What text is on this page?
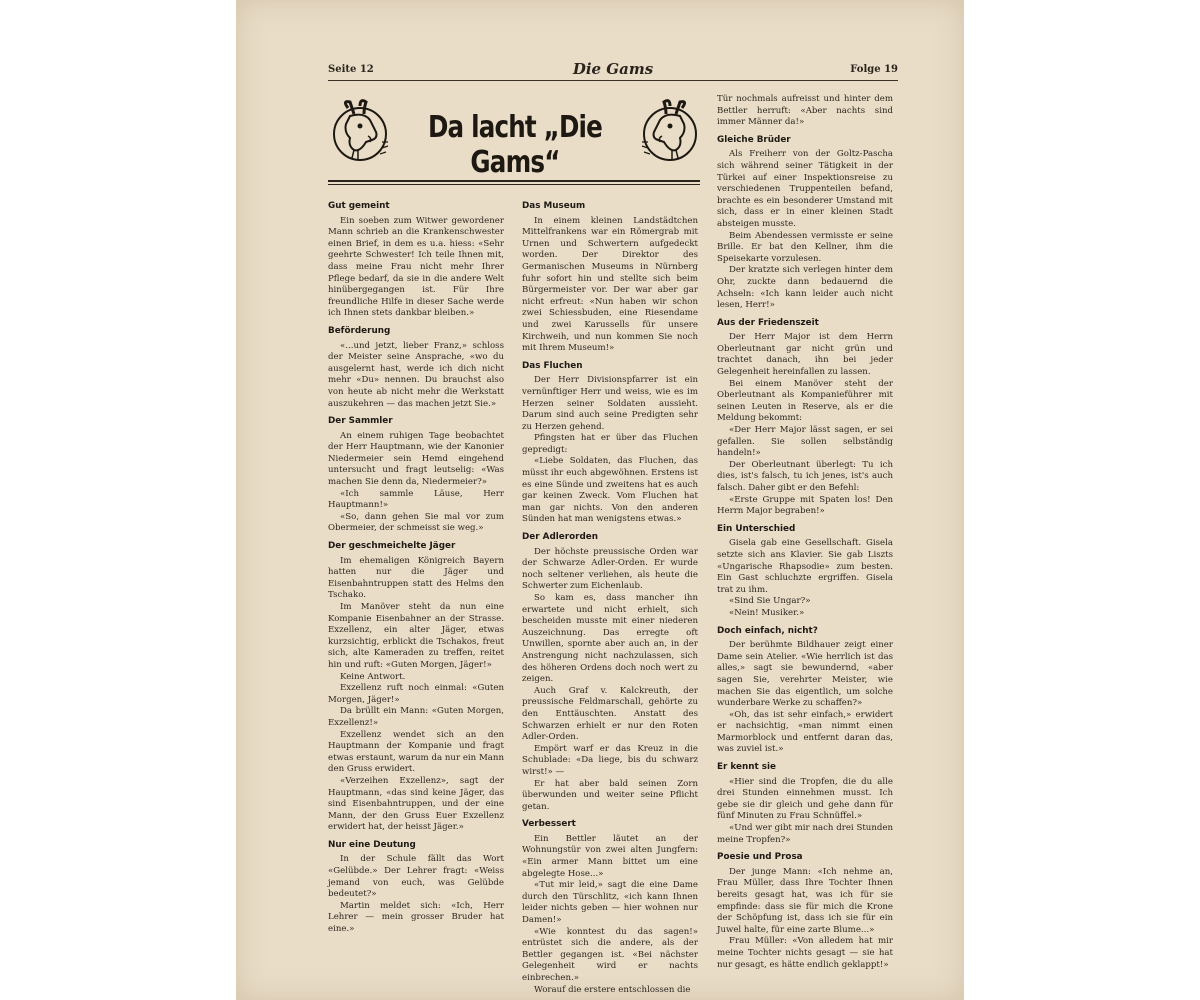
Seite 12	Die Gams	Folge 19
Da lacht „Die Gams“
Gut gemeint

Ein soeben zum Witwer gewordener Mann schrieb an die Krankenschwester einen Brief, in dem es u.a. hiess: «Sehr geehrte Schwester! Ich teile Ihnen mit, dass meine Frau nicht mehr Ihrer Pflege bedarf, da sie in die andere Welt hinübergegangen ist. Für Ihre freundliche Hilfe in dieser Sache werde ich Ihnen stets dankbar bleiben.»

Beförderung

«...und jetzt, lieber Franz,» schloss der Meister seine Ansprache, «wo du ausgelernt hast, werde ich dich nicht mehr «Du» nennen. Du brauchst also von heute ab nicht mehr die Werkstatt auszukehren — das machen jetzt Sie.»

Der Sammler

An einem ruhigen Tage beobachtet der Herr Hauptmann, wie der Kanonier Niedermeier sein Hemd eingehend untersucht und fragt leutselig: «Was machen Sie denn da, Niedermeier?»

«Ich sammle Läuse, Herr Hauptmann!»

«So, dann gehen Sie mal vor zum Obermeier, der schmeisst sie weg.»

Der geschmeichelte Jäger

Im ehemaligen Königreich Bayern hatten nur die Jäger und Eisenbahntruppen statt des Helms den Tschako.

Im Manöver steht da nun eine Kompanie Eisenbahner an der Strasse. Exzellenz, ein alter Jäger, etwas kurzsichtig, erblickt die Tschakos, freut sich, alte Kameraden zu treffen, reitet hin und ruft: «Guten Morgen, Jäger!»

Keine Antwort.

Exzellenz ruft noch einmal: «Guten Morgen, Jäger!»

Da brüllt ein Mann: «Guten Morgen, Exzellenz!»

Exzellenz wendet sich an den Hauptmann der Kompanie und fragt etwas erstaunt, warum da nur ein Mann den Gruss erwidert.

«Verzeihen Exzellenz», sagt der Hauptmann, «das sind keine Jäger, das sind Eisenbahntruppen, und der eine Mann, der den Gruss Euer Exzellenz erwidert hat, der heisst Jäger.»

Nur eine Deutung

In der Schule fällt das Wort «Gelübde.» Der Lehrer fragt: «Weiss jemand von euch, was Gelübde bedeutet?»

Martin meldet sich: «Ich, Herr Lehrer — mein grosser Bruder hat eine.»

Das Museum

In einem kleinen Landstädtchen Mittelfrankens war ein Römergrab mit Urnen und Schwertern aufgedeckt worden. Der Direktor des Germanischen Museums in Nürnberg fuhr sofort hin und stellte sich beim Bürgermeister vor. Der war aber gar nicht erfreut: «Nun haben wir schon zwei Schiessbuden, eine Riesendame und zwei Karussells für unsere Kirchweih, und nun kommen Sie noch mit Ihrem Museum!»

Das Fluchen

Der Herr Divisionspfarrer ist ein vernünftiger Herr und weiss, wie es im Herzen seiner Soldaten aussieht. Darum sind auch seine Predigten sehr zu Herzen gehend.

Pfingsten hat er über das Fluchen gepredigt:

«Liebe Soldaten, das Fluchen, das müsst ihr euch abgewöhnen. Erstens ist es eine Sünde und zweitens hat es auch gar keinen Zweck. Vom Fluchen hat man gar nichts. Von den anderen Sünden hat man wenigstens etwas.»

Der Adlerorden

Der höchste preussische Orden war der Schwarze Adler-Orden. Er wurde noch seltener verliehen, als heute die Schwerter zum Eichenlaub.

So kam es, dass mancher ihn erwartete und nicht erhielt, sich bescheiden musste mit einer niederen Auszeichnung. Das erregte oft Unwillen, spornte aber auch an, in der Anstrengung nicht nachzulassen, sich des höheren Ordens doch noch wert zu zeigen.

Auch Graf v. Kalckreuth, der preussische Feldmarschall, gehörte zu den Enttäuschten. Anstatt des Schwarzen erhielt er nur den Roten Adler-Orden.

Empört warf er das Kreuz in die Schublade: «Da liege, bis du schwarz wirst!» —

Er hat aber bald seinen Zorn überwunden und weiter seine Pflicht getan.

Verbessert

Ein Bettler läutet an der Wohnungstür von zwei alten Jungfern: «Ein armer Mann bittet um eine abgelegte Hose...»

«Tut mir leid,» sagt die eine Dame durch den Türschlitz, «ich kann Ihnen leider nichts geben — hier wohnen nur Damen!»

«Wie konntest du das sagen!» entrüstet sich die andere, als der Bettler gegangen ist. «Bei nächster Gelegenheit wird er nachts einbrechen.»

Worauf die erstere entschlossen die

Tür nochmals aufreisst und hinter dem Bettler herruft: «Aber nachts sind immer Männer da!»

Gleiche Brüder

Als Freiherr von der Goltz-Pascha sich während seiner Tätigkeit in der Türkei auf einer Inspektionsreise zu verschiedenen Truppenteilen befand, brachte es ein besonderer Umstand mit sich, dass er in einer kleinen Stadt absteigen musste.

Beim Abendessen vermisste er seine Brille. Er bat den Kellner, ihm die Speisekarte vorzulesen.

Der kratzte sich verlegen hinter dem Ohr, zuckte dann bedauernd die Achseln: «Ich kann leider auch nicht lesen, Herr!»

Aus der Friedenszeit

Der Herr Major ist dem Herrn Oberleutnant gar nicht grün und trachtet danach, ihn bei jeder Gelegenheit hereinfallen zu lassen.

Bei einem Manöver steht der Oberleutnant als Kompanieführer mit seinen Leuten in Reserve, als er die Meldung bekommt:

«Der Herr Major lässt sagen, er sei gefallen. Sie sollen selbständig handeln!»

Der Oberleutnant überlegt: Tu ich dies, ist's falsch, tu ich jenes, ist's auch falsch. Daher gibt er den Befehl:

«Erste Gruppe mit Spaten los! Den Herrn Major begraben!»

Ein Unterschied

Gisela gab eine Gesellschaft. Gisela setzte sich ans Klavier. Sie gab Liszts «Ungarische Rhapsodie» zum besten. Ein Gast schluchzte ergriffen. Gisela trat zu ihm.

«Sind Sie Ungar?»

«Nein! Musiker.»

Doch einfach, nicht?

Der berühmte Bildhauer zeigt einer Dame sein Atelier. «Wie herrlich ist das alles,» sagt sie bewundernd, «aber sagen Sie, verehrter Meister, wie machen Sie das eigentlich, um solche wunderbare Werke zu schaffen?»

«Oh, das ist sehr einfach,» erwidert er nachsichtig, «man nimmt einen Marmorblock und entfernt daran das, was zuviel ist.»

Er kennt sie

«Hier sind die Tropfen, die du alle drei Stunden einnehmen musst. Ich gebe sie dir gleich und gehe dann für fünf Minuten zu Frau Schnüffel.»

«Und wer gibt mir nach drei Stunden meine Tropfen?»

Poesie und Prosa

Der junge Mann: «Ich nehme an, Frau Müller, dass Ihre Tochter Ihnen bereits gesagt hat, was ich für sie empfinde: dass sie für mich die Krone der Schöpfung ist, dass ich sie für ein Juwel halte, für eine zarte Blume...»

Frau Müller: «Von alledem hat mir meine Tochter nichts gesagt — sie hat nur gesagt, es hätte endlich geklappt!»
